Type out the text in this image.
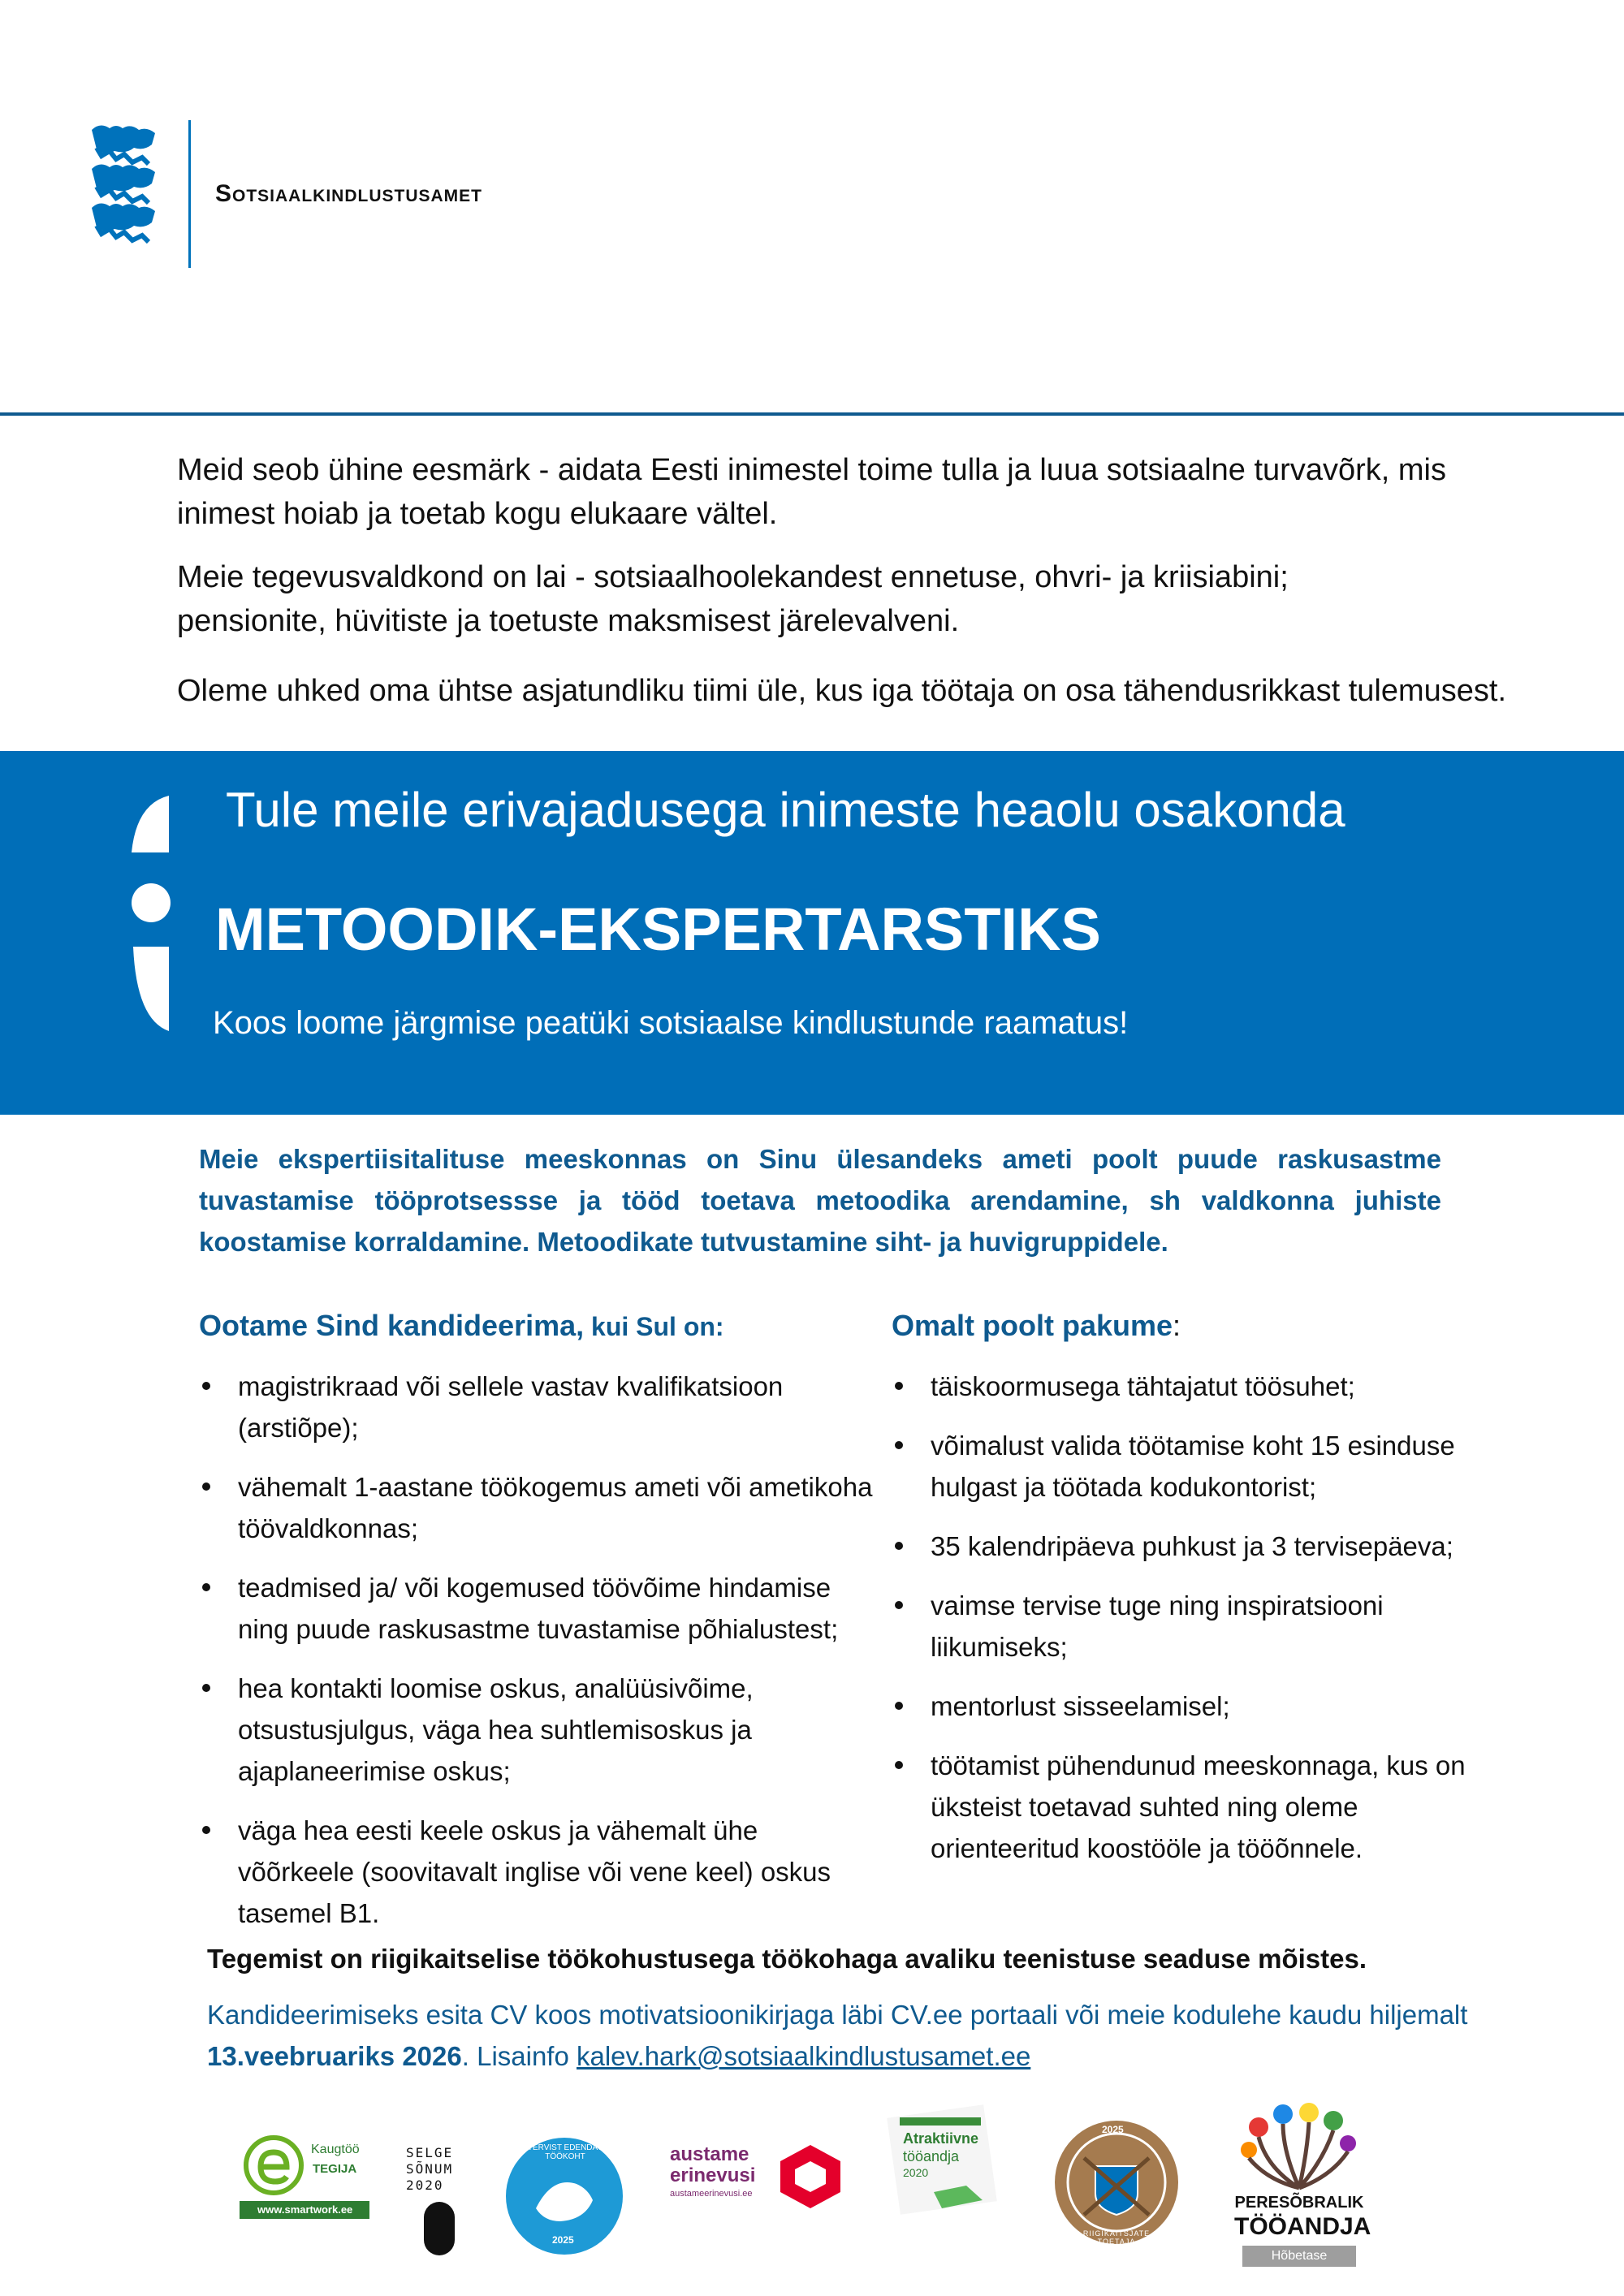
Sotsiaalkindlustusamet

Meid seob ühine eesmärk - aidata Eesti inimestel toime tulla ja luua sotsiaalne turvavõrk, mis inimest hoiab ja toetab kogu elukaare vältel.

Meie tegevusvaldkond on lai - sotsiaalhoolekandest ennetuse, ohvri- ja kriisiabini; pensionite, hüvitiste ja toetuste maksmisest järelevalveni.

Oleme uhked oma ühtse asjatundliku tiimi üle, kus iga töötaja on osa tähendusrikkast tulemusest.

Tule meile erivajadusega inimeste heaolu osakonda
METOODIK-EKSPERTARSTIKS
Koos loome järgmise peatüki sotsiaalse kindlustunde raamatus!
Meie ekspertiisitalituse meeskonnas on Sinu ülesandeks ameti poolt puude raskusastme tuvastamise tööprotsessse ja tööd toetava metoodika arendamine, sh valdkonna juhiste koostamise korraldamine. Metoodikate tutvustamine siht- ja huvigruppidele.
Ootame Sind kandideerima, kui Sul on:
magistrikraad või sellele vastav kvalifikatsioon (arstiõpe);
vähemalt 1-aastane töökogemus ameti või ametikoha töövaldkonnas;
teadmised ja/ või kogemused töövõime hindamise ning puude raskusastme tuvastamise põhialustest;
hea kontakti loomise oskus, analüüsivõime, otsustusjulgus, väga hea suhtlemisoskus ja ajaplaneerimise oskus;
väga hea eesti keele oskus ja vähemalt ühe võõrkeele (soovitavalt inglise või vene keel) oskus tasemel B1.
Omalt poolt pakume:
täiskoormusega tähtajatut töösuhet;
võimalust valida töötamise koht 15 esinduse hulgast ja töötada kodukontorist;
35 kalendripäeva puhkust ja 3 tervisepäeva;
vaimse tervise tuge ning inspiratsiooni liikumiseks;
mentorlust sisseelamisel;
töötamist pühendunud meeskonnaga, kus on üksteist toetavad suhted ning oleme orienteeritud koostööle ja tööõnnele.
Tegemist on riigikaitselise töökohustusega töökohaga avaliku teenistuse seaduse mõistes.
Kandideerimiseks esita CV koos motivatsioonikirjaga läbi CV.ee portaali või meie kodulehe kaudu hiljemalt 13.veebruariks 2026. Lisainfo kalev.hark@sotsiaalkindlustusamet.ee
Kaugtöö
TEGIJA
www.smartwork.ee
SELGE
SÕNUM
2020
TERVIST EDENDAV TÖÖKOHT
2025
austame
erinevusi
austameerinevusi.ee
Atraktiivne
tööandja
2020
2025
RIIGIKAITSJATE TOETAJA
PERESÕBRALIK
TÖÖANDJA
Hõbetase
